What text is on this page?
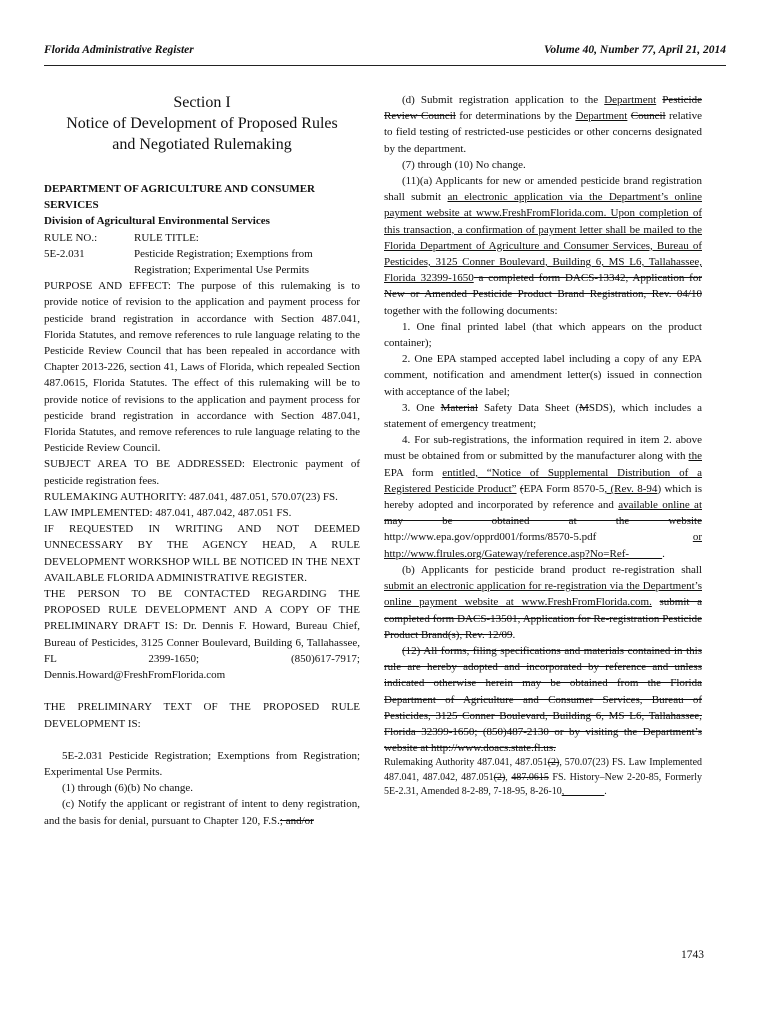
Florida Administrative Register	Volume 40, Number 77, April 21, 2014
Section I
Notice of Development of Proposed Rules
and Negotiated Rulemaking

DEPARTMENT OF AGRICULTURE AND CONSUMER SERVICES

Division of Agricultural Environmental Services

RULE NO.:	RULE TITLE:
5E-2.031	Pesticide Registration; Exemptions from Registration; Experimental Use Permits

PURPOSE AND EFFECT: The purpose of this rulemaking is to provide notice of revision to the application and payment process for pesticide brand registration in accordance with Section 487.041, Florida Statutes, and remove references to rule language relating to the Pesticide Review Council that has been repealed in accordance with Chapter 2013-226, section 41, Laws of Florida, which repealed Section 487.0615, Florida Statutes. The effect of this rulemaking will be to provide notice of revisions to the application and payment process for pesticide brand registration in accordance with Section 487.041, Florida Statutes, and remove references to rule language relating to the Pesticide Review Council.

SUBJECT AREA TO BE ADDRESSED: Electronic payment of pesticide registration fees.

RULEMAKING AUTHORITY: 487.041, 487.051, 570.07(23) FS.

LAW IMPLEMENTED: 487.041, 487.042, 487.051 FS.

IF REQUESTED IN WRITING AND NOT DEEMED UNNECESSARY BY THE AGENCY HEAD, A RULE DEVELOPMENT WORKSHOP WILL BE NOTICED IN THE NEXT AVAILABLE FLORIDA ADMINISTRATIVE REGISTER.

THE PERSON TO BE CONTACTED REGARDING THE PROPOSED RULE DEVELOPMENT AND A COPY OF THE PRELIMINARY DRAFT IS: Dr. Dennis F. Howard, Bureau Chief, Bureau of Pesticides, 3125 Conner Boulevard, Building 6, Tallahassee, FL 2399-1650; (850)617-7917; Dennis.Howard@FreshFromFlorida.com

THE PRELIMINARY TEXT OF THE PROPOSED RULE DEVELOPMENT IS:

5E-2.031 Pesticide Registration; Exemptions from Registration; Experimental Use Permits.

(1) through (6)(b) No change.

(c) Notify the applicant or registrant of intent to deny registration, and the basis for denial, pursuant to Chapter 120, F.S.; and/or

(d) Submit registration application to the Department Pesticide Review Council for determinations by the Department Council relative to field testing of restricted-use pesticides or other concerns designated by the department.

(7) through (10) No change.

(11)(a) Applicants for new or amended pesticide brand registration shall submit an electronic application via the Department’s online payment website at www.FreshFromFlorida.com. Upon completion of this transaction, a confirmation of payment letter shall be mailed to the Florida Department of Agriculture and Consumer Services, Bureau of Pesticides, 3125 Conner Boulevard, Building 6, MS L6, Tallahassee, Florida 32399-1650 a completed form DACS-13342, Application for New or Amended Pesticide Product Brand Registration, Rev. 04/10 together with the following documents:

1. One final printed label (that which appears on the product container);

2. One EPA stamped accepted label including a copy of any EPA comment, notification and amendment letter(s) issued in connection with acceptance of the label;

3. One Material Safety Data Sheet (MSDS), which includes a statement of emergency treatment;

4. For sub-registrations, the information required in item 2. above must be obtained from or submitted by the manufacturer along with the EPA form entitled, “Notice of Supplemental Distribution of a Registered Pesticide Product” (EPA Form 8570-5, (Rev. 8-94) which is hereby adopted and incorporated by reference and available online at may be obtained at the website http://www.epa.gov/opprd001/forms/8570-5.pdf or http://www.flrules.org/Gateway/reference.asp?No=Ref-______.

(b) Applicants for pesticide brand product re-registration shall submit an electronic application for re-registration via the Department’s online payment website at www.FreshFromFlorida.com. submit a completed form DACS-13501, Application for Re-registration Pesticide Product Brand(s), Rev. 12/09.

(12) All forms, filing specifications and materials contained in this rule are hereby adopted and incorporated by reference and unless indicated otherwise herein may be obtained from the Florida Department of Agriculture and Consumer Services, Bureau of Pesticides, 3125 Conner Boulevard, Building 6, MS L6, Tallahassee, Florida 32399-1650; (850)487-2130 or by visiting the Department’s website at http://www.doacs.state.fl.us.

Rulemaking Authority 487.041, 487.051(2), 570.07(23) FS. Law Implemented 487.041, 487.042, 487.051(2), 487.0615 FS. History–New 2-20-85, Formerly 5E-2.31, Amended 8-2-89, 7-18-95, 8-26-10,________.

1743
